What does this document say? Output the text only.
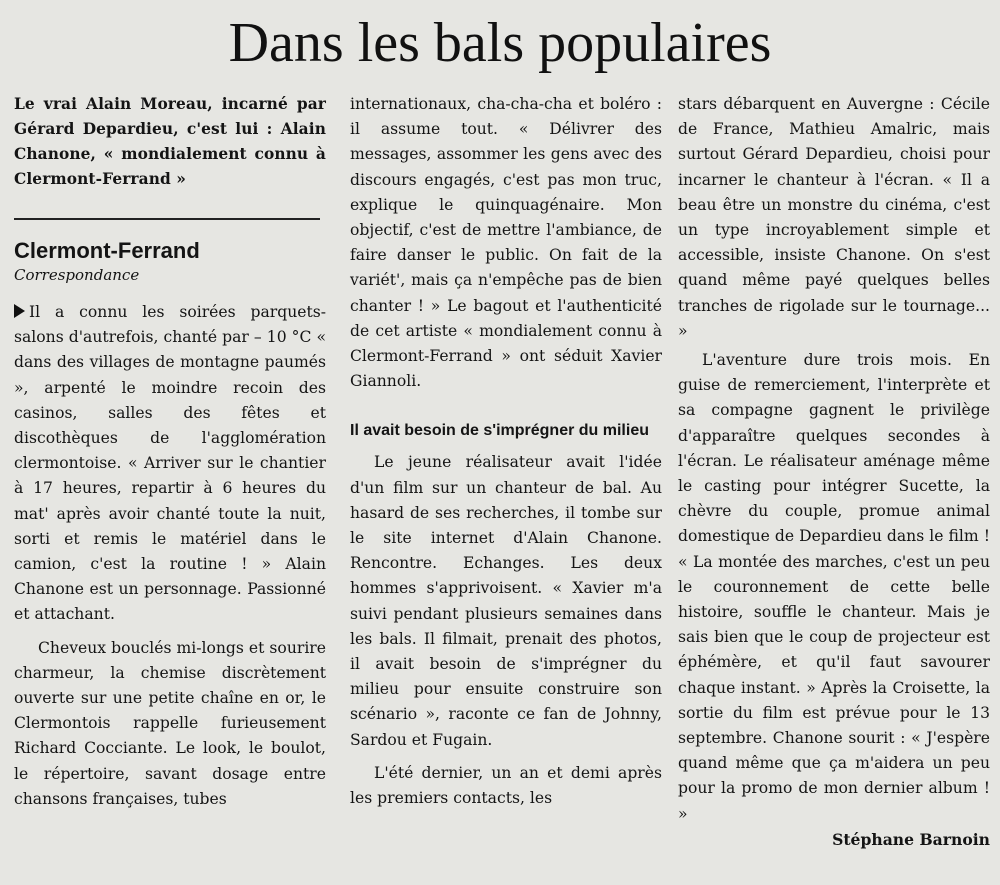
Dans les bals populaires
Le vrai Alain Moreau, incarné par Gérard Depardieu, c'est lui : Alain Chanone, « mondialement connu à Clermont-Ferrand »
Clermont-Ferrand
Correspondance

Il a connu les soirées parquets-salons d'autrefois, chanté par – 10 °C « dans des villages de montagne paumés », arpenté le moindre recoin des casinos, salles des fêtes et discothèques de l'agglomération clermontoise. « Arriver sur le chantier à 17 heures, repartir à 6 heures du mat' après avoir chanté toute la nuit, sorti et remis le matériel dans le camion, c'est la routine ! » Alain Chanone est un personnage. Passionné et attachant.

Cheveux bouclés mi-longs et sourire charmeur, la chemise discrètement ouverte sur une petite chaîne en or, le Clermontois rappelle furieusement Richard Cocciante. Le look, le boulot, le répertoire, savant dosage entre chansons françaises, tubes

internationaux, cha-cha-cha et boléro : il assume tout. « Délivrer des messages, assommer les gens avec des discours engagés, c'est pas mon truc, explique le quinquagénaire. Mon objectif, c'est de mettre l'ambiance, de faire danser le public. On fait de la variét', mais ça n'empêche pas de bien chanter ! » Le bagout et l'authenticité de cet artiste « mondialement connu à Clermont-Ferrand » ont séduit Xavier Giannoli.

Il avait besoin de s'imprégner du milieu

Le jeune réalisateur avait l'idée d'un film sur un chanteur de bal. Au hasard de ses recherches, il tombe sur le site internet d'Alain Chanone. Rencontre. Echanges. Les deux hommes s'apprivoisent. « Xavier m'a suivi pendant plusieurs semaines dans les bals. Il filmait, prenait des photos, il avait besoin de s'imprégner du milieu pour ensuite construire son scénario », raconte ce fan de Johnny, Sardou et Fugain.

L'été dernier, un an et demi après les premiers contacts, les

stars débarquent en Auvergne : Cécile de France, Mathieu Amalric, mais surtout Gérard Depardieu, choisi pour incarner le chanteur à l'écran. « Il a beau être un monstre du cinéma, c'est un type incroyablement simple et accessible, insiste Chanone. On s'est quand même payé quelques belles tranches de rigolade sur le tournage... »

L'aventure dure trois mois. En guise de remerciement, l'interprète et sa compagne gagnent le privilège d'apparaître quelques secondes à l'écran. Le réalisateur aménage même le casting pour intégrer Sucette, la chèvre du couple, promue animal domestique de Depardieu dans le film ! « La montée des marches, c'est un peu le couronnement de cette belle histoire, souffle le chanteur. Mais je sais bien que le coup de projecteur est éphémère, et qu'il faut savourer chaque instant. » Après la Croisette, la sortie du film est prévue pour le 13 septembre. Chanone sourit : « J'espère quand même que ça m'aidera un peu pour la promo de mon dernier album ! »

Stéphane Barnoin
